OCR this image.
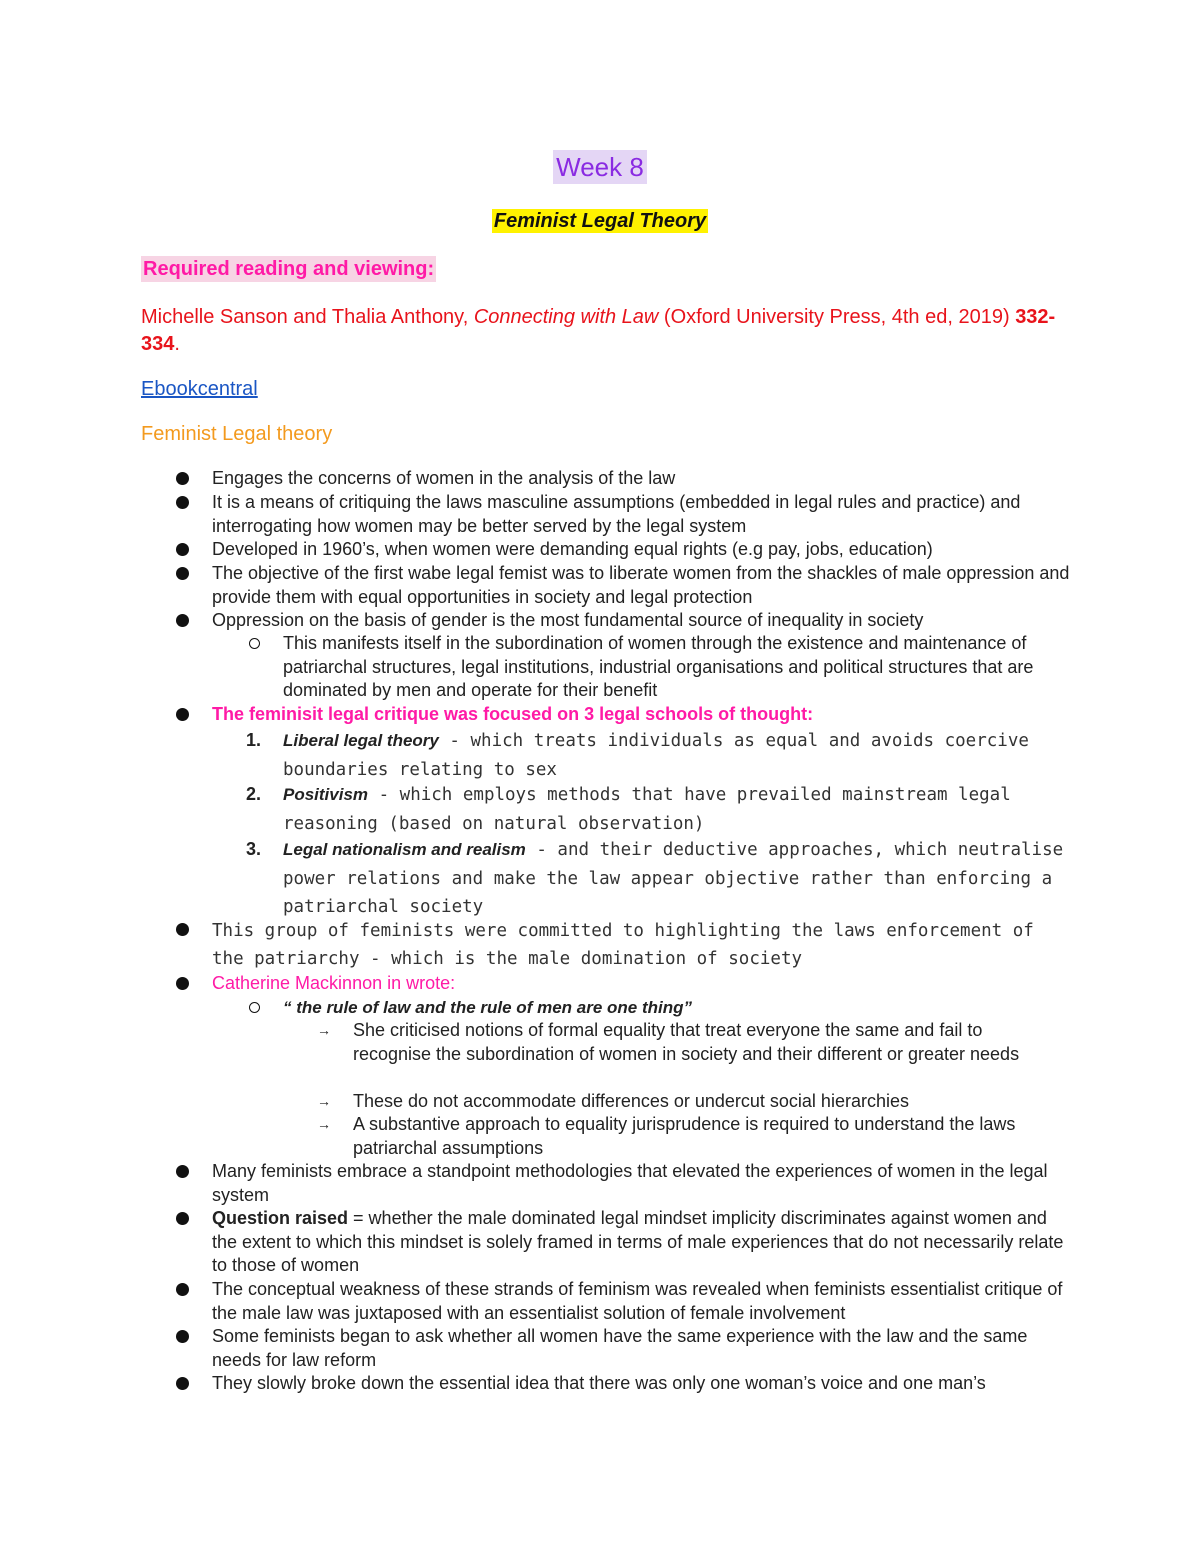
Week 8
Feminist Legal Theory
Required reading and viewing:
Michelle Sanson and Thalia Anthony, Connecting with Law (Oxford University Press, 4th ed, 2019) 332-334.
Ebookcentral
Feminist Legal theory
Engages the concerns of women in the analysis of the law
It is a means of critiquing the laws masculine assumptions (embedded in legal rules and practice) and interrogating how women may be better served by the legal system
Developed in 1960’s, when women were demanding equal rights (e.g pay, jobs, education)
The objective of the first wabe legal femist was to liberate women from the shackles of male oppression and provide them with equal opportunities in society and legal protection
Oppression on the basis of gender is the most fundamental source of inequality in society
This manifests itself in the subordination of women through the existence and maintenance of patriarchal structures, legal institutions, industrial organisations and political structures that are dominated by men and operate for their benefit
The feminisit legal critique was focused on 3 legal schools of thought:
1. Liberal legal theory - which treats individuals as equal and avoids coercive boundaries relating to sex
2. Positivism - which employs methods that have prevailed mainstream legal reasoning (based on natural observation)
3. Legal nationalism and realism - and their deductive approaches, which neutralise power relations and make the law appear objective rather than enforcing a patriarchal society
This group of feminists were committed to highlighting the laws enforcement of the patriarchy - which is the male domination of society
Catherine Mackinnon in wrote:
“ the rule of law and the rule of men are one thing”
→ She criticised notions of formal equality that treat everyone the same and fail to recognise the subordination of women in society and their different or greater needs
→ These do not accommodate differences or undercut social hierarchies
→ A substantive approach to equality jurisprudence is required to understand the laws patriarchal assumptions
Many feminists embrace a standpoint methodologies that elevated the experiences of women in the legal system
Question raised = whether the male dominated legal mindset implicity discriminates against women and the extent to which this mindset is solely framed in terms of male experiences that do not necessarily relate to those of women
The conceptual weakness of these strands of feminism was revealed when feminists essentialist critique of the male law was juxtaposed with an essentialist solution of female involvement
Some feminists began to ask whether all women have the same experience with the law and the same needs for law reform
They slowly broke down the essential idea that there was only one woman’s voice and one man’s
